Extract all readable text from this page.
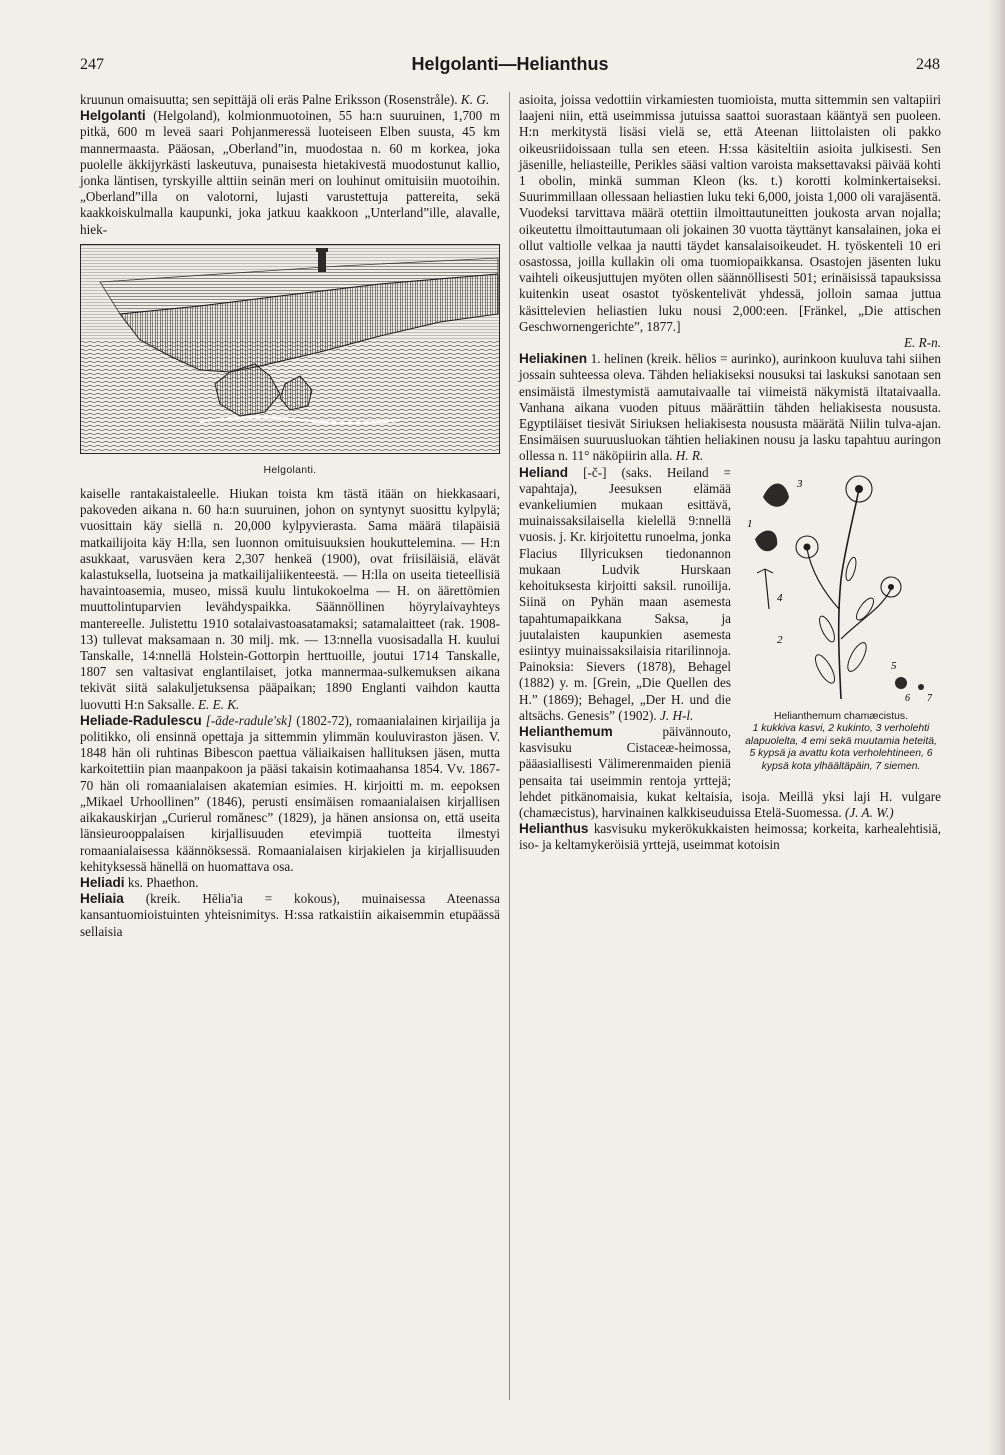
247	Helgolanti—Helianthus	248

kruunun omaisuutta; sen sepittäjä oli eräs Palne Eriksson (Rosenstråle). K. G.

Helgolanti (Helgoland), kolmionmuotoinen, 55 ha:n suuruinen, 1,700 m pitkä, 600 m leveä saari Pohjanmeressä luoteiseen Elben suusta, 45 km mannermaasta. Pääosan, „Oberland”in, muodostaa n. 60 m korkea, joka puolelle äkkijyrkästi laskeutuva, punaisesta hietakivestä muodostunut kallio, jonka läntisen, tyrskyille alttiin seinän meri on louhinut omituisiin muotoihin. „Oberland”illa on valotorni, lujasti varustettuja pattereita, sekä kaakkoiskulmalla kaupunki, joka jatkuu kaakkoon „Unterland”ille, alavalle, hiek-

Helgolanti.

kaiselle rantakaistaleelle. Hiukan toista km tästä itään on hiekkasaari, pakoveden aikana n. 60 ha:n suuruinen, johon on syntynyt suosittu kylpylä; vuosittain käy siellä n. 20,000 kylpyvierasta. Sama määrä tilapäisiä matkailijoita käy H:lla, sen luonnon omituisuuksien houkuttelemina. — H:n asukkaat, varusväen kera 2,307 henkeä (1900), ovat friisiläisiä, elävät kalastuksella, luotseina ja matkailijaliikenteestä. — H:lla on useita tieteellisiä havaintoasemia, museo, missä kuulu lintukokoelma — H. on äärettömien muuttolintuparvien levähdyspaikka. Säännöllinen höyrylaivayhteys mantereelle. Julistettu 1910 sotalaivastoasatamaksi; satamalaitteet (rak. 1908-13) tullevat maksamaan n. 30 milj. mk. — 13:nnella vuosisadalla H. kuului Tanskalle, 14:nnellä Holstein-Gottorpin herttuoille, joutui 1714 Tanskalle, 1807 sen valtasivat englantilaiset, jotka mannermaa-sulkemuksen aikana tekivät siitä salakuljetuksensa pääpaikan; 1890 Englanti vaihdon kautta luovutti H:n Saksalle. E. E. K.

Heliade-Radulescu [-āde-radule'sk] (1802-72), romaanialainen kirjailija ja politikko, oli ensinnä opettaja ja sittemmin ylimmän kouluviraston jäsen. V. 1848 hän oli ruhtinas Bibescon paettua väliaikaisen hallituksen jäsen, mutta karkoitettiin pian maanpakoon ja pääsi takaisin kotimaahansa 1854. Vv. 1867-70 hän oli romaanialaisen akatemian esimies. H. kirjoitti m. m. eepoksen „Mikael Urhoollinen” (1846), perusti ensimäisen romaanialaisen kirjallisen aikakauskirjan „Curierul romănesc” (1829), ja hänen ansionsa on, että useita länsieurooppalaisen kirjallisuuden etevimpiä tuotteita ilmestyi romaanialaisessa käännöksessä. Romaanialaisen kirjakielen ja kirjallisuuden kehityksessä hänellä on huomattava osa.

Heliadi ks. Phaethon.

Heliaia (kreik. Hēlia'ia = kokous), muinaisessa Ateenassa kansantuomioistuinten yhteisnimitys. H:ssa ratkaistiin aikaisemmin etupäässä sellaisia

asioita, joissa vedottiin virkamiesten tuomioista, mutta sittemmin sen valtapiiri laajeni niin, että useimmissa jutuissa saattoi suorastaan kääntyä sen puoleen. H:n merkitystä lisäsi vielä se, että Ateenan liittolaisten oli pakko oikeusriidoissaan tulla sen eteen. H:ssa käsiteltiin asioita julkisesti. Sen jäsenille, heliasteille, Perikles sääsi valtion varoista maksettavaksi päivää kohti 1 obolin, minkä summan Kleon (ks. t.) korotti kolminkertaiseksi. Suurimmillaan ollessaan heliastien luku teki 6,000, joista 1,000 oli varajäsentä. Vuodeksi tarvittava määrä otettiin ilmoittautuneitten joukosta arvan nojalla; oikeutettu ilmoittautumaan oli jokainen 30 vuotta täyttänyt kansalainen, joka ei ollut valtiolle velkaa ja nautti täydet kansalaisoikeudet. H. työskenteli 10 eri osastossa, joilla kullakin oli oma tuomiopaikkansa. Osastojen jäsenten luku vaihteli oikeusjuttujen myöten ollen säännöllisesti 501; erinäisissä tapauksissa kuitenkin useat osastot työskentelivät yhdessä, jolloin samaa juttua käsittelevien heliastien luku nousi 2,000:een. [Fränkel, „Die attischen Geschwornengerichte”, 1877.]

E. R-n.

Heliakinen 1. helinen (kreik. hēlios = aurinko), aurinkoon kuuluva tahi siihen jossain suhteessa oleva. Tähden heliakiseksi nousuksi tai laskuksi sanotaan sen ensimäistä ilmestymistä aamutaivaalle tai viimeistä näkymistä iltataivaalla. Vanhana aikana vuoden pituus määrättiin tähden heliakisesta noususta. Egyptiläiset tiesivät Siriuksen heliakisesta noususta määrätä Niilin tulva-ajan. Ensimäisen suuruusluokan tähtien heliakinen nousu ja lasku tapahtuu auringon ollessa n. 11° näköpiirin alla. H. R.

3
1
4
2
5
6 7
Helianthemum chamæcistus.
1 kukkiva kasvi, 2 kukinto, 3 verholehti alapuolelta, 4 emi sekä muutamia heteitä, 5 kypsä ja avattu kota verholehtineen, 6 kypsä kota ylhäältäpäin, 7 siemen.

Heliand [-č-] (saks. Heiland = vapahtaja), Jeesuksen elämää evankeliumien mukaan esittävä, muinaissaksilaisella kielellä 9:nnellä vuosis. j. Kr. kirjoitettu runoelma, jonka Flacius Illyricuksen tiedonannon mukaan Ludvik Hurskaan kehoituksesta kirjoitti saksil. runoilija. Siinä on Pyhän maan asemesta tapahtumapaikkana Saksa, ja juutalaisten kaupunkien asemesta esiintyy muinaissaksilaisia ritarilinnoja. Painoksia: Sievers (1878), Behagel (1882) y. m. [Grein, „Die Quellen des H.” (1869); Behagel, „Der H. und die altsächs. Genesis” (1902). J. H-l.

Helianthemum	päivännouto, kasvisuku Cistaceæ-heimossa, pääasiallisesti Välimerenmaiden pieniä pensaita tai useimmin rentoja yrttejä; lehdet pitkänomaisia, kukat keltaisia, isoja. Meillä yksi laji H. vulgare (chamæcistus), harvinainen kalkkiseuduissa Etelä-Suomessa. (J. A. W.)

Helianthus kasvisuku mykerökukkaisten heimossa; korkeita, karhealehtisiä, iso- ja keltamykeröisiä yrttejä, useimmat kotoisin
